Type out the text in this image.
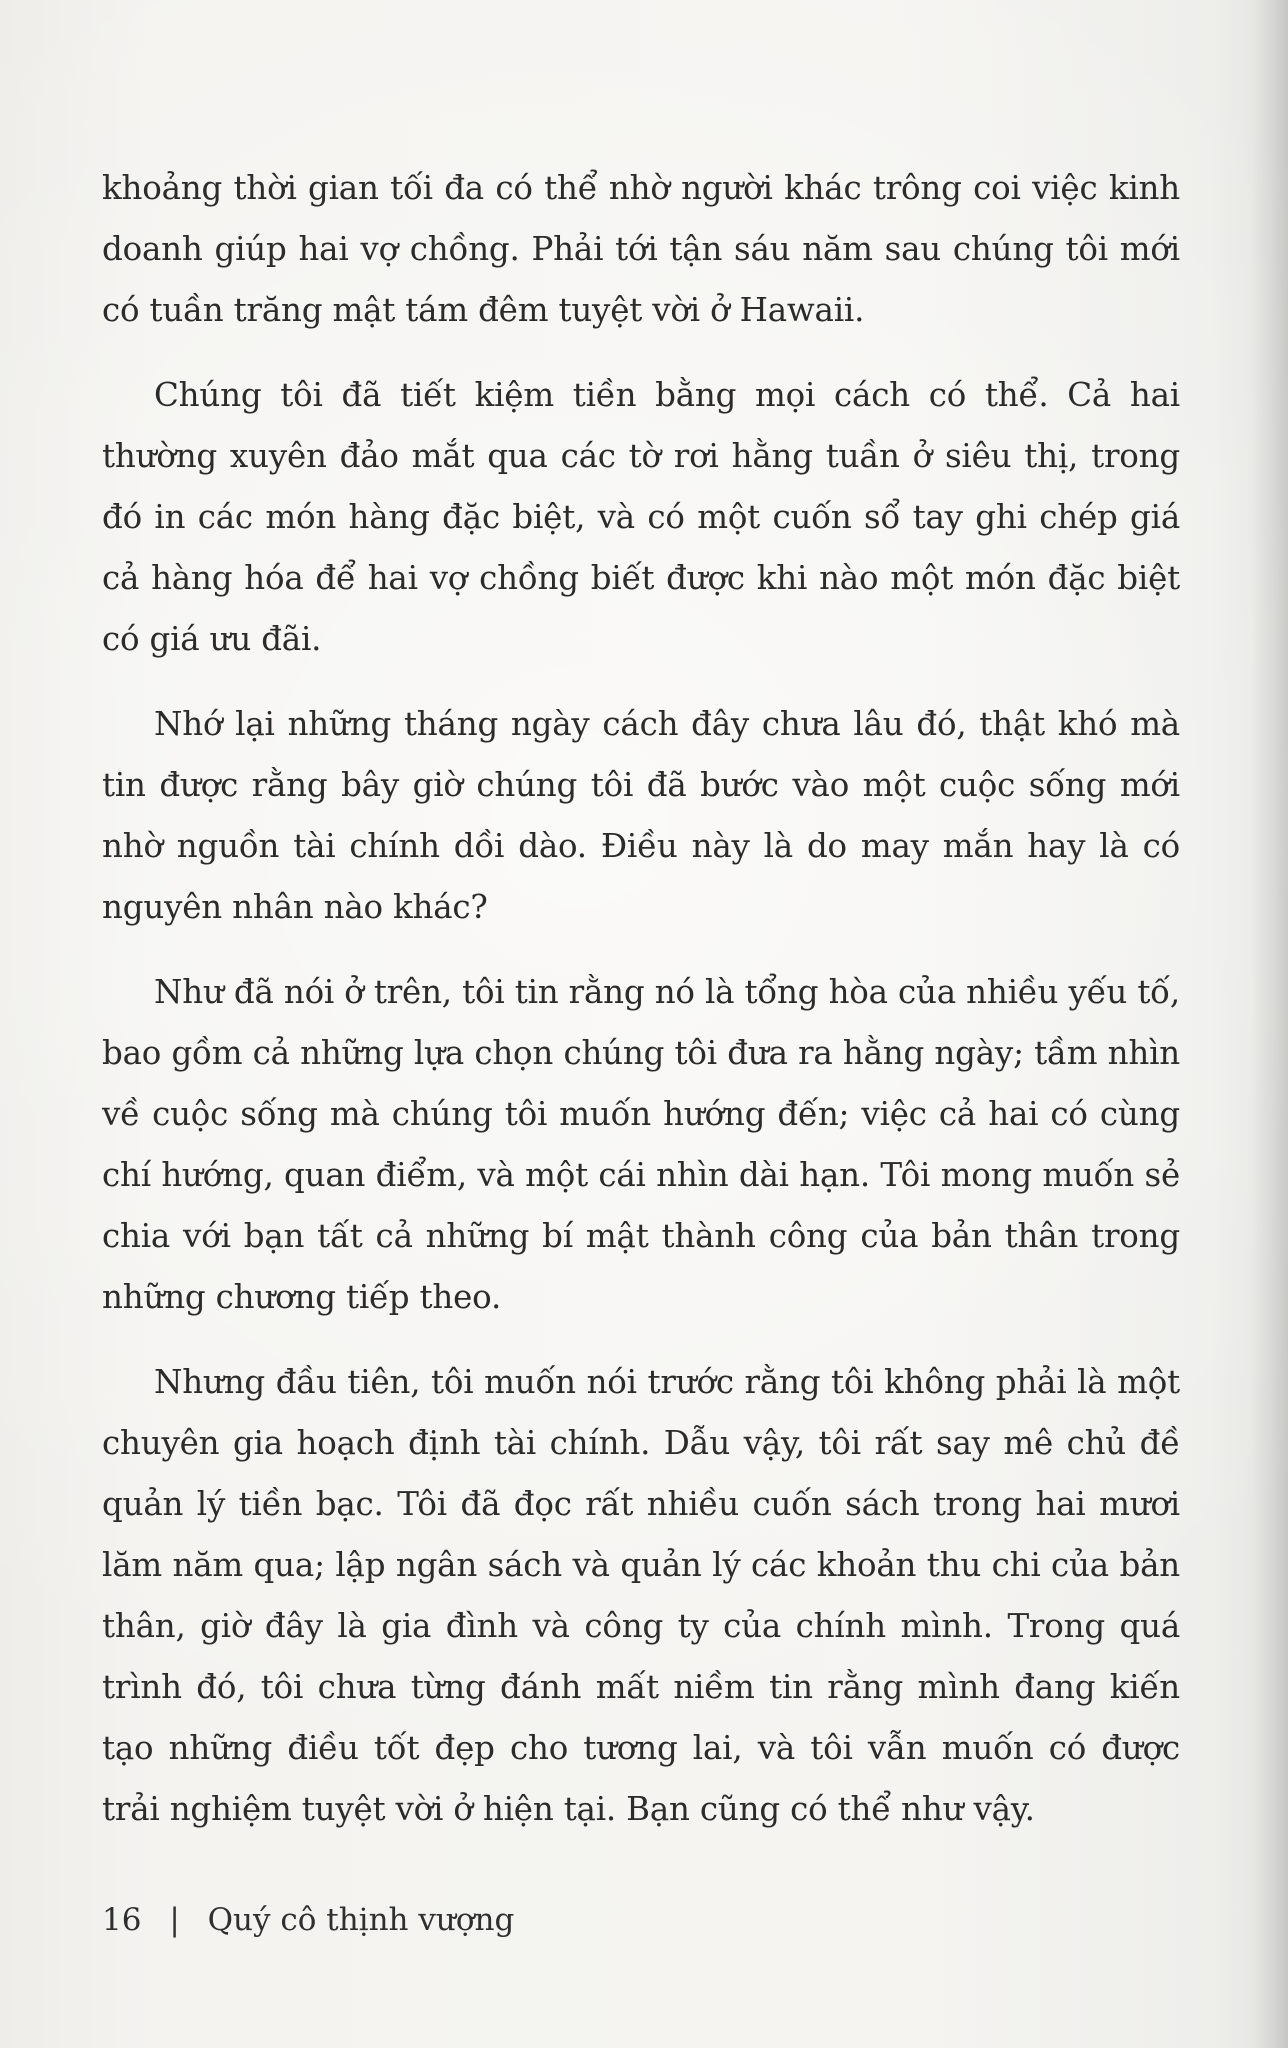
khoảng thời gian tối đa có thể nhờ người khác trông coi việc kinh doanh giúp hai vợ chồng. Phải tới tận sáu năm sau chúng tôi mới có tuần trăng mật tám đêm tuyệt vời ở Hawaii.

Chúng tôi đã tiết kiệm tiền bằng mọi cách có thể. Cả hai thường xuyên đảo mắt qua các tờ rơi hằng tuần ở siêu thị, trong đó in các món hàng đặc biệt, và có một cuốn sổ tay ghi chép giá cả hàng hóa để hai vợ chồng biết được khi nào một món đặc biệt có giá ưu đãi.

Nhớ lại những tháng ngày cách đây chưa lâu đó, thật khó mà tin được rằng bây giờ chúng tôi đã bước vào một cuộc sống mới nhờ nguồn tài chính dồi dào. Điều này là do may mắn hay là có nguyên nhân nào khác?

Như đã nói ở trên, tôi tin rằng nó là tổng hòa của nhiều yếu tố, bao gồm cả những lựa chọn chúng tôi đưa ra hằng ngày; tầm nhìn về cuộc sống mà chúng tôi muốn hướng đến; việc cả hai có cùng chí hướng, quan điểm, và một cái nhìn dài hạn. Tôi mong muốn sẻ chia với bạn tất cả những bí mật thành công của bản thân trong những chương tiếp theo.

Nhưng đầu tiên, tôi muốn nói trước rằng tôi không phải là một chuyên gia hoạch định tài chính. Dẫu vậy, tôi rất say mê chủ đề quản lý tiền bạc. Tôi đã đọc rất nhiều cuốn sách trong hai mươi lăm năm qua; lập ngân sách và quản lý các khoản thu chi của bản thân, giờ đây là gia đình và công ty của chính mình. Trong quá trình đó, tôi chưa từng đánh mất niềm tin rằng mình đang kiến tạo những điều tốt đẹp cho tương lai, và tôi vẫn muốn có được trải nghiệm tuyệt vời ở hiện tại. Bạn cũng có thể như vậy.

16 | Quý cô thịnh vượng
